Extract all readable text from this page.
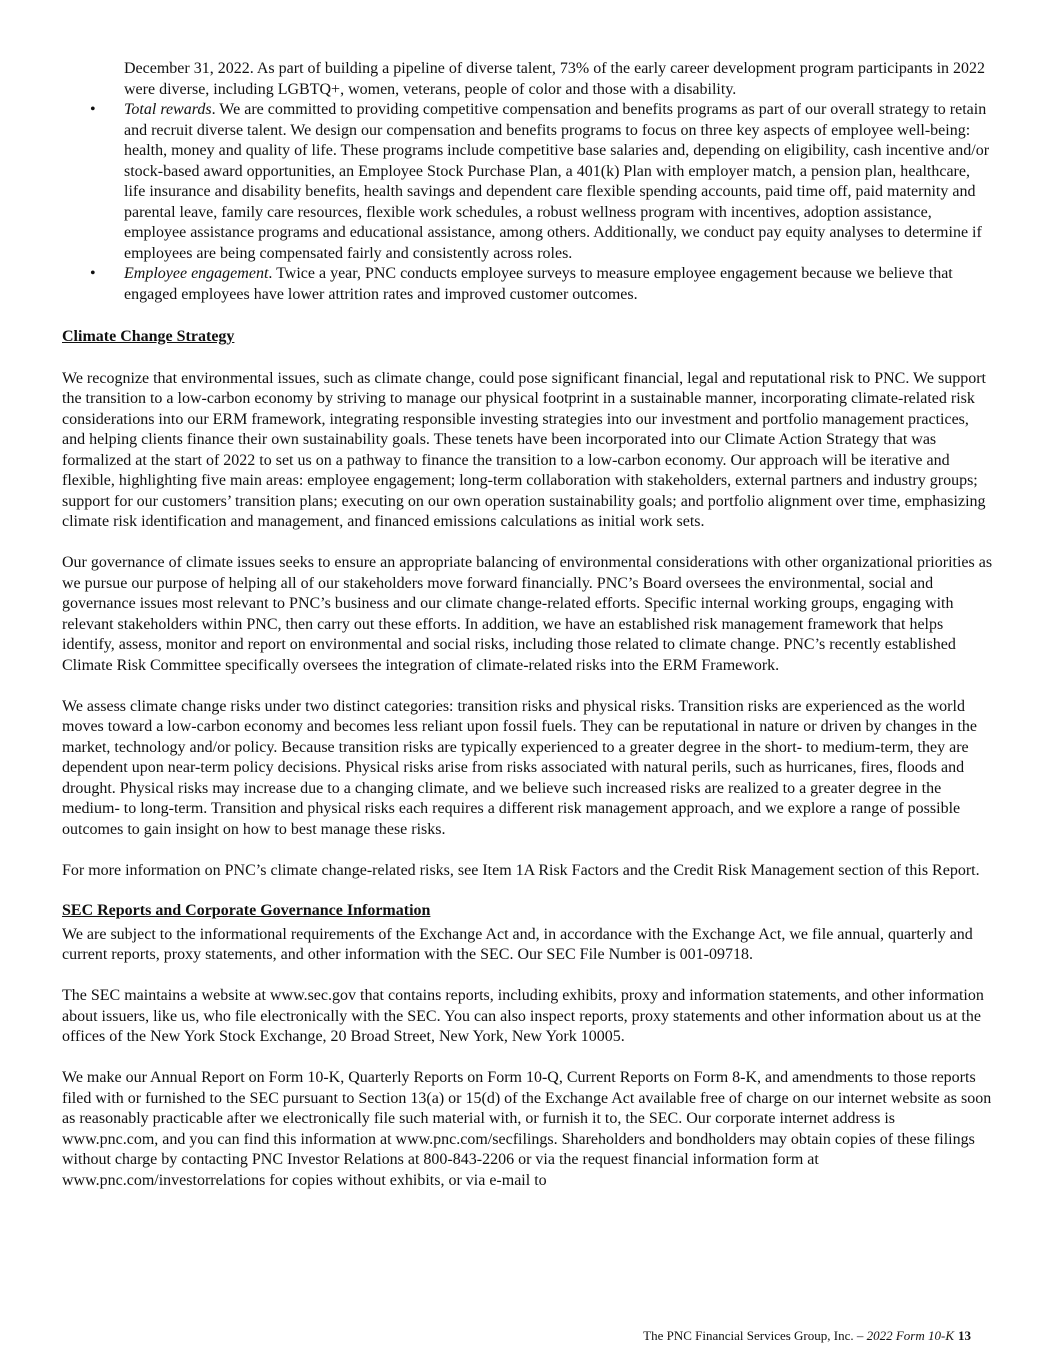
December 31, 2022. As part of building a pipeline of diverse talent, 73% of the early career development program participants in 2022 were diverse, including LGBTQ+, women, veterans, people of color and those with a disability.

• Total rewards. We are committed to providing competitive compensation and benefits programs as part of our overall strategy to retain and recruit diverse talent. We design our compensation and benefits programs to focus on three key aspects of employee well-being: health, money and quality of life. These programs include competitive base salaries and, depending on eligibility, cash incentive and/or stock-based award opportunities, an Employee Stock Purchase Plan, a 401(k) Plan with employer match, a pension plan, healthcare, life insurance and disability benefits, health savings and dependent care flexible spending accounts, paid time off, paid maternity and parental leave, family care resources, flexible work schedules, a robust wellness program with incentives, adoption assistance, employee assistance programs and educational assistance, among others. Additionally, we conduct pay equity analyses to determine if employees are being compensated fairly and consistently across roles.
• Employee engagement. Twice a year, PNC conducts employee surveys to measure employee engagement because we believe that engaged employees have lower attrition rates and improved customer outcomes.
Climate Change Strategy

We recognize that environmental issues, such as climate change, could pose significant financial, legal and reputational risk to PNC. We support the transition to a low-carbon economy by striving to manage our physical footprint in a sustainable manner, incorporating climate-related risk considerations into our ERM framework, integrating responsible investing strategies into our investment and portfolio management practices, and helping clients finance their own sustainability goals. These tenets have been incorporated into our Climate Action Strategy that was formalized at the start of 2022 to set us on a pathway to finance the transition to a low-carbon economy. Our approach will be iterative and flexible, highlighting five main areas: employee engagement; long-term collaboration with stakeholders, external partners and industry groups; support for our customers’ transition plans; executing on our own operation sustainability goals; and portfolio alignment over time, emphasizing climate risk identification and management, and financed emissions calculations as initial work sets.

Our governance of climate issues seeks to ensure an appropriate balancing of environmental considerations with other organizational priorities as we pursue our purpose of helping all of our stakeholders move forward financially. PNC’s Board oversees the environmental, social and governance issues most relevant to PNC’s business and our climate change-related efforts. Specific internal working groups, engaging with relevant stakeholders within PNC, then carry out these efforts. In addition, we have an established risk management framework that helps identify, assess, monitor and report on environmental and social risks, including those related to climate change. PNC’s recently established Climate Risk Committee specifically oversees the integration of climate-related risks into the ERM Framework.

We assess climate change risks under two distinct categories: transition risks and physical risks. Transition risks are experienced as the world moves toward a low-carbon economy and becomes less reliant upon fossil fuels. They can be reputational in nature or driven by changes in the market, technology and/or policy. Because transition risks are typically experienced to a greater degree in the short- to medium-term, they are dependent upon near-term policy decisions. Physical risks arise from risks associated with natural perils, such as hurricanes, fires, floods and drought. Physical risks may increase due to a changing climate, and we believe such increased risks are realized to a greater degree in the medium- to long-term. Transition and physical risks each requires a different risk management approach, and we explore a range of possible outcomes to gain insight on how to best manage these risks.

For more information on PNC’s climate change-related risks, see Item 1A Risk Factors and the Credit Risk Management section of this Report.

SEC Reports and Corporate Governance Information

We are subject to the informational requirements of the Exchange Act and, in accordance with the Exchange Act, we file annual, quarterly and current reports, proxy statements, and other information with the SEC. Our SEC File Number is 001-09718.

The SEC maintains a website at www.sec.gov that contains reports, including exhibits, proxy and information statements, and other information about issuers, like us, who file electronically with the SEC. You can also inspect reports, proxy statements and other information about us at the offices of the New York Stock Exchange, 20 Broad Street, New York, New York 10005.

We make our Annual Report on Form 10-K, Quarterly Reports on Form 10-Q, Current Reports on Form 8-K, and amendments to those reports filed with or furnished to the SEC pursuant to Section 13(a) or 15(d) of the Exchange Act available free of charge on our internet website as soon as reasonably practicable after we electronically file such material with, or furnish it to, the SEC. Our corporate internet address is www.pnc.com, and you can find this information at www.pnc.com/secfilings. Shareholders and bondholders may obtain copies of these filings without charge by contacting PNC Investor Relations at 800-843-2206 or via the request financial information form at www.pnc.com/investorrelations for copies without exhibits, or via e-mail to

The PNC Financial Services Group, Inc. – 2022 Form 10-K 13
